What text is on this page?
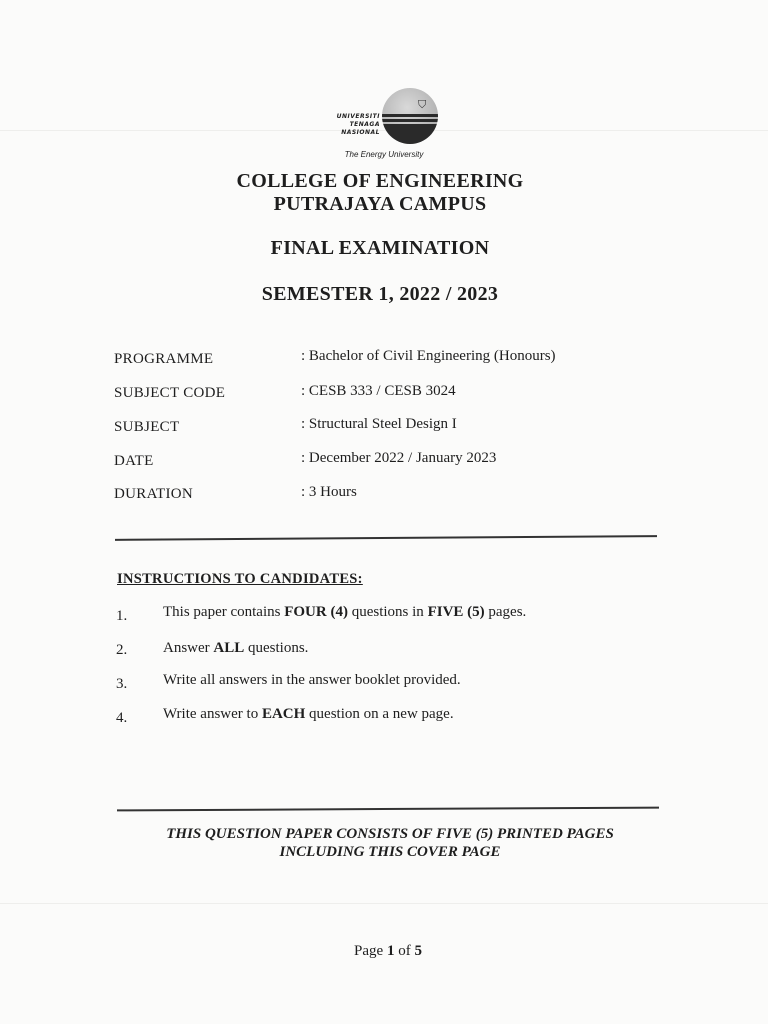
UNIVERSITI
TENAGA
NASIONAL
⛉
The Energy University
COLLEGE OF ENGINEERING
PUTRAJAYA CAMPUS
FINAL EXAMINATION
SEMESTER 1, 2022 / 2023
PROGRAMME	: Bachelor of Civil Engineering (Honours)
SUBJECT CODE	: CESB 333 / CESB 3024
SUBJECT	: Structural Steel Design I
DATE	: December 2022 / January 2023
DURATION	: 3 Hours
INSTRUCTIONS TO CANDIDATES:
1. This paper contains FOUR (4) questions in FIVE (5) pages.
2. Answer ALL questions.
3. Write all answers in the answer booklet provided.
4. Write answer to EACH question on a new page.
THIS QUESTION PAPER CONSISTS OF FIVE (5) PRINTED PAGES
INCLUDING THIS COVER PAGE
Page 1 of 5
